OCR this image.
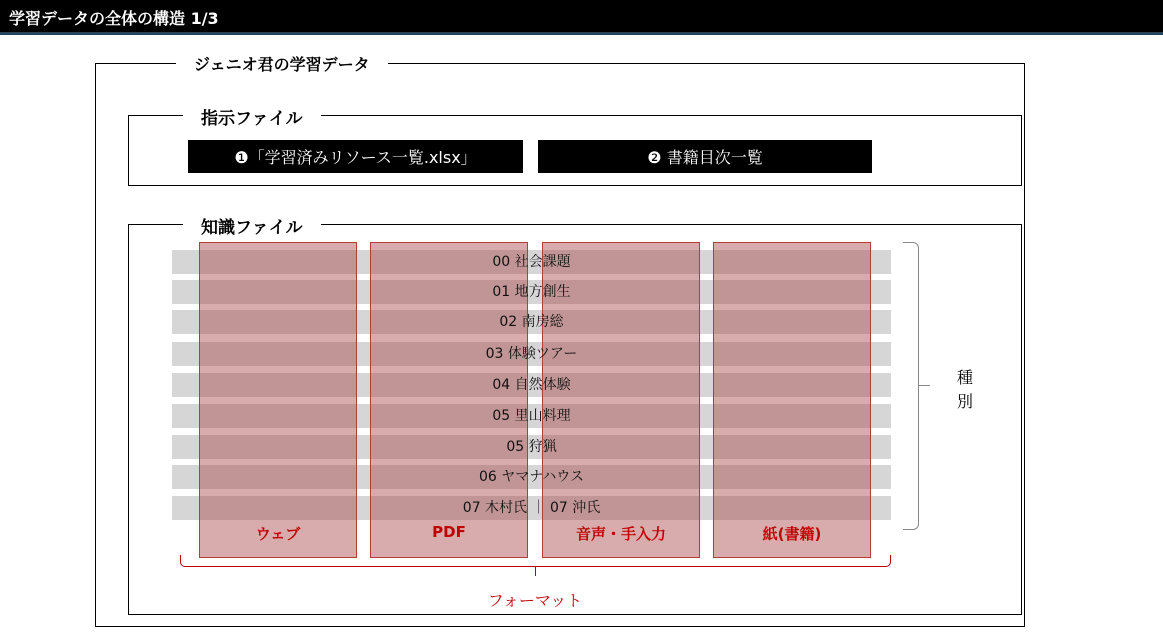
学習データの全体の構造 1/3
ジェニオ君の学習データ
指示ファイル
❶「学習済みリソース一覧.xlsx」	❷ 書籍目次一覧
知識ファイル
00 社会課題
01 地方創生
02 南房総
03 体験ツアー
04 自然体験
05 里山料理
05 狩猟
06 ヤマナハウス
07 木村氏 ｜ 07 沖氏
ウェブ	PDF	音声・手入力	紙(書籍)
種別
フォーマット
